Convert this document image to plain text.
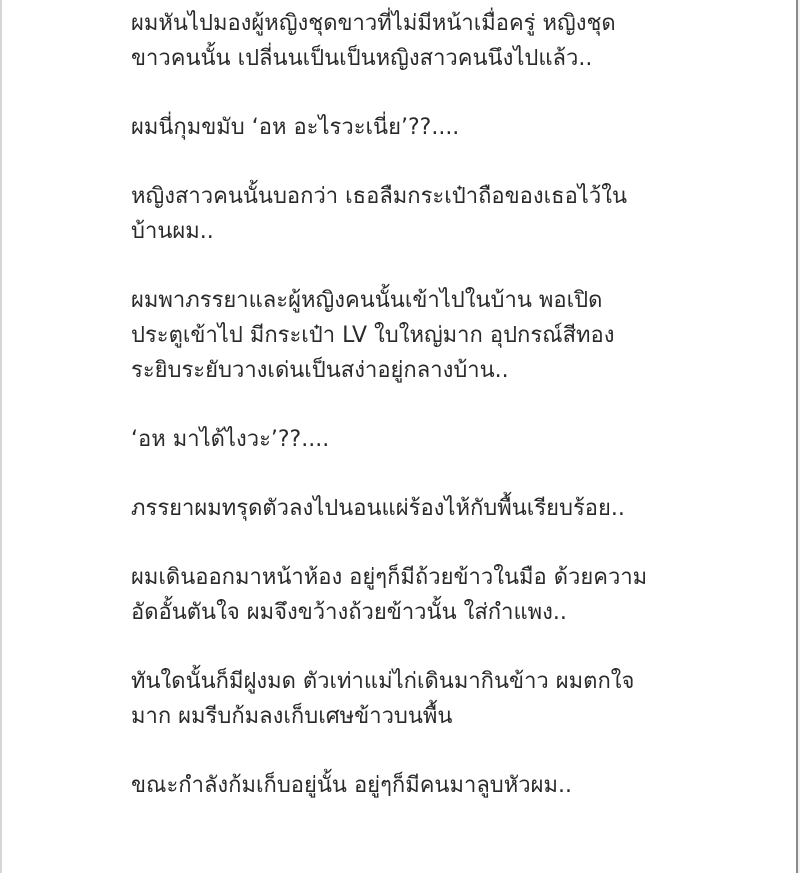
ผมหันไปมองผู้หญิงชุดขาวที่ไม่มีหน้าเมื่อครู่ หญิงชุด
ขาวคนนั้น เปลี่นนเป็นเป็นหญิงสาวคนนึงไปแล้ว..

ผมนี่กุมขมับ ‘อห อะไรวะเนี่ย’??....

หญิงสาวคนนั้นบอกว่า เธอลืมกระเป๋าถือของเธอไว้ใน
บ้านผม..

ผมพาภรรยาและผู้หญิงคนนั้นเข้าไปในบ้าน พอเปิด
ประตูเข้าไป มีกระเป๋า LV ใบใหญ่มาก อุปกรณ์สีทอง
ระยิบระยับวางเด่นเป็นสง่าอยู่กลางบ้าน..

‘อห มาได้ไงวะ’??....

ภรรยาผมทรุดตัวลงไปนอนแผ่ร้องไห้กับพื้นเรียบร้อย..

ผมเดินออกมาหน้าห้อง อยู่ๆก็มีถ้วยข้าวในมือ ด้วยความ
อัดอั้นตันใจ ผมจึงขว้างถ้วยข้าวนั้น ใส่กำแพง..

ทันใดนั้นก็มีฝูงมด ตัวเท่าแม่ไก่เดินมากินข้าว ผมตกใจ
มาก ผมรีบก้มลงเก็บเศษข้าวบนพื้น

ขณะกำลังก้มเก็บอยู่นั้น อยู่ๆก็มีคนมาลูบหัวผม..
